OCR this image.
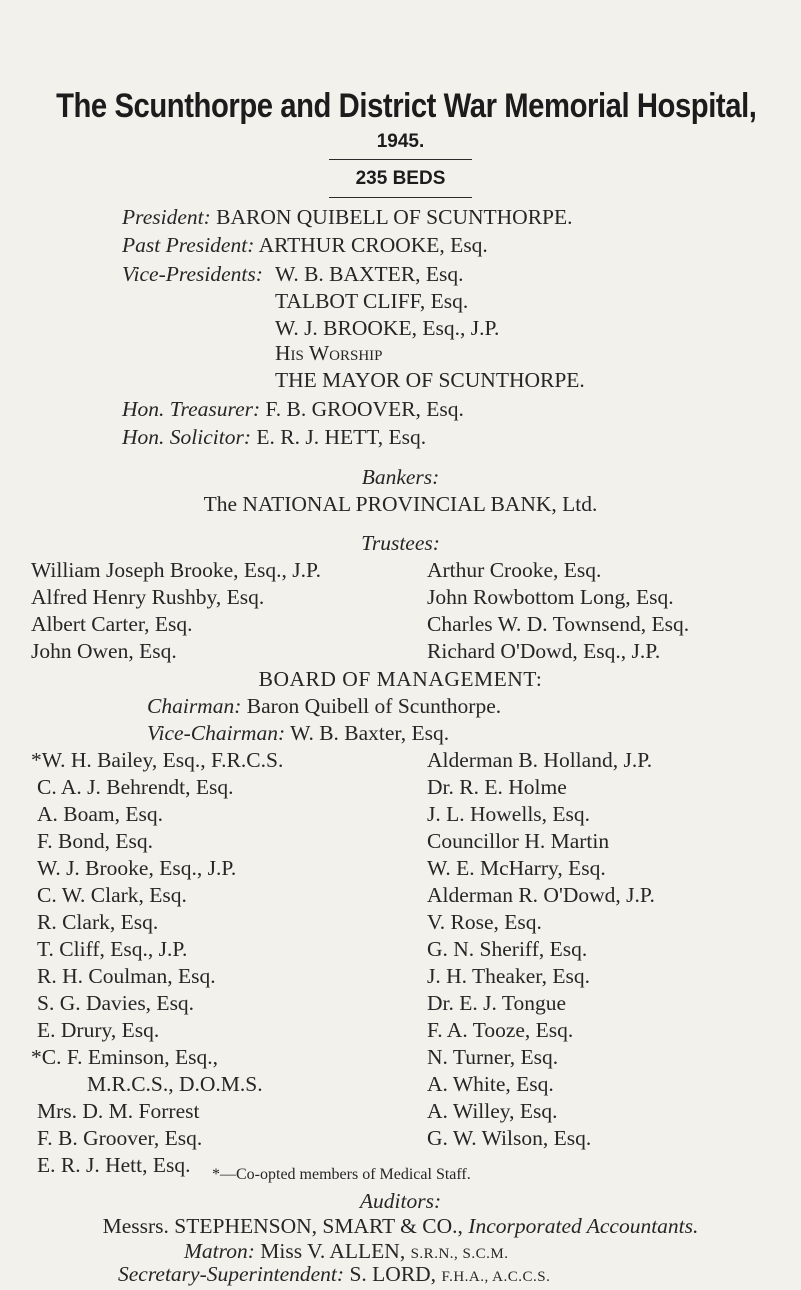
The Scunthorpe and District War Memorial Hospital,
1945.
235 BEDS
President: BARON QUIBELL OF SCUNTHORPE.
Past President: ARTHUR CROOKE, Esq.
Vice-Presidents: W. B. BAXTER, Esq.
TALBOT CLIFF, Esq.
W. J. BROOKE, Esq., J.P.
His Worship
THE MAYOR OF SCUNTHORPE.
Hon. Treasurer: F. B. GROOVER, Esq.
Hon. Solicitor: E. R. J. HETT, Esq.
Bankers:
The NATIONAL PROVINCIAL BANK, Ltd.
Trustees:
William Joseph Brooke, Esq., J.P.
Alfred Henry Rushby, Esq.
Albert Carter, Esq.
John Owen, Esq.
Arthur Crooke, Esq.
John Rowbottom Long, Esq.
Charles W. D. Townsend, Esq.
Richard O'Dowd, Esq., J.P.
BOARD OF MANAGEMENT:
Chairman: Baron Quibell of Scunthorpe.
Vice-Chairman: W. B. Baxter, Esq.
*W. H. Bailey, Esq., F.R.C.S.
C. A. J. Behrendt, Esq.
A. Boam, Esq.
F. Bond, Esq.
W. J. Brooke, Esq., J.P.
C. W. Clark, Esq.
R. Clark, Esq.
T. Cliff, Esq., J.P.
R. H. Coulman, Esq.
S. G. Davies, Esq.
E. Drury, Esq.
*C. F. Eminson, Esq.,
M.R.C.S., D.O.M.S.
Mrs. D. M. Forrest
F. B. Groover, Esq.
E. R. J. Hett, Esq.
Alderman B. Holland, J.P.
Dr. R. E. Holme
J. L. Howells, Esq.
Councillor H. Martin
W. E. McHarry, Esq.
Alderman R. O'Dowd, J.P.
V. Rose, Esq.
G. N. Sheriff, Esq.
J. H. Theaker, Esq.
Dr. E. J. Tongue
F. A. Tooze, Esq.
N. Turner, Esq.
A. White, Esq.
A. Willey, Esq.
G. W. Wilson, Esq.
*—Co-opted members of Medical Staff.
Auditors:
Messrs. STEPHENSON, SMART & CO., Incorporated Accountants.
Matron: Miss V. ALLEN, S.R.N., S.C.M.
Secretary-Superintendent: S. LORD, F.H.A., A.C.C.S.
